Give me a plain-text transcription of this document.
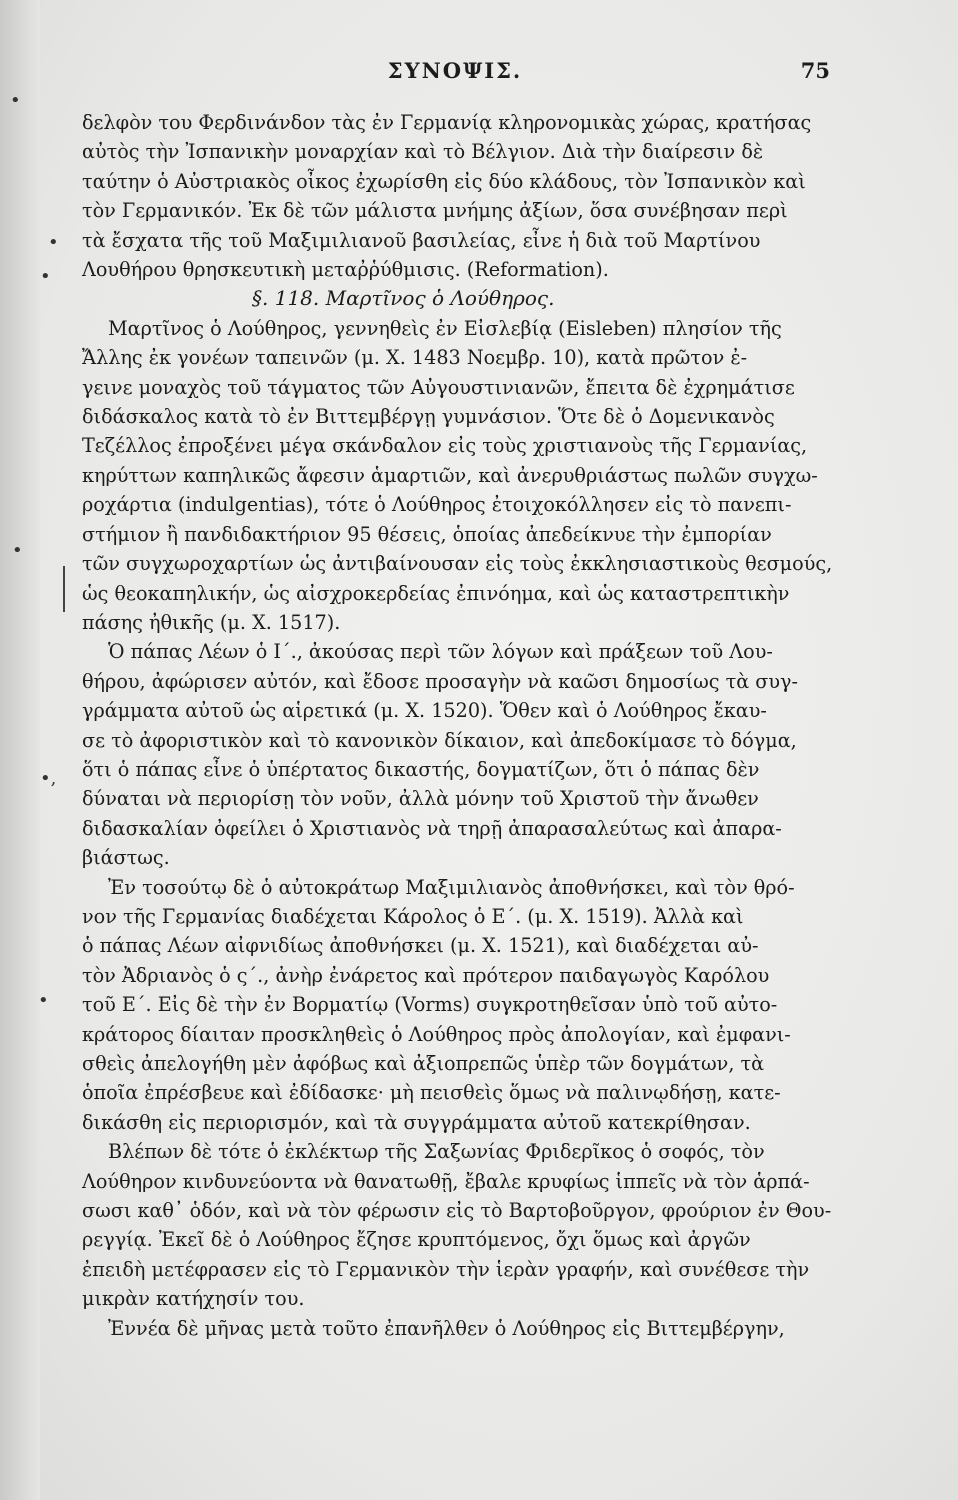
•
•
•
•
•,
•
ΣΥΝΟΨΙΣ.	75
δελφὸν του Φερδινάνδον τὰς ἐν Γερμανίᾳ κληρονομικὰς χώρας, κρατήσας
αὐτὸς τὴν Ἰσπανικὴν μοναρχίαν καὶ τὸ Βέλγιον. Διὰ τὴν διαίρεσιν δὲ
ταύτην ὁ Αὐστριακὸς οἶκος ἐχωρίσθη εἰς δύο κλάδους, τὸν Ἰσπανικὸν καὶ
τὸν Γερμανικόν. Ἐκ δὲ τῶν μάλιστα μνήμης ἀξίων, ὅσα συνέβησαν περὶ
τὰ ἔσχατα τῆς τοῦ Μαξιμιλιανοῦ βασιλείας, εἶνε ἡ διὰ τοῦ Μαρτίνου
Λουθήρου θρησκευτικὴ μεταῤῥύθμισις. (Reformation).
§. 118. Μαρτῖνος ὁ Λούθηρος.
Μαρτῖνος ὁ Λούθηρος, γεννηθεὶς ἐν Εἰσλεβίᾳ (Eisleben) πλησίον τῆς
Ἄλλης ἐκ γονέων ταπεινῶν (μ. Χ. 1483 Νοεμβρ. 10), κατὰ πρῶτον ἐ-
γεινε μοναχὸς τοῦ τάγματος τῶν Αὐγουστινιανῶν, ἔπειτα δὲ ἐχρημάτισε
διδάσκαλος κατὰ τὸ ἐν Βιττεμβέργῃ γυμνάσιον. Ὅτε δὲ ὁ Δομενικανὸς
Τεζέλλος ἐπροξένει μέγα σκάνδαλον εἰς τοὺς χριστιανοὺς τῆς Γερμανίας,
κηρύττων καπηλικῶς ἄφεσιν ἁμαρτιῶν, καὶ ἀνερυθριάστως πωλῶν συγχω-
ροχάρτια (indulgentias), τότε ὁ Λούθηρος ἐτοιχοκόλλησεν εἰς τὸ πανεπι-
στήμιον ἢ πανδιδακτήριον 95 θέσεις, ὁποίας ἀπεδείκνυε τὴν ἐμπορίαν
τῶν συγχωροχαρτίων ὡς ἀντιβαίνουσαν εἰς τοὺς ἐκκλησιαστικοὺς θεσμούς,
ὡς θεοκαπηλικήν, ὡς αἰσχροκερδείας ἐπινόημα, καὶ ὡς καταστρεπτικὴν
πάσης ἠθικῆς (μ. Χ. 1517).
Ὁ πάπας Λέων ὁ Ι΄., ἀκούσας περὶ τῶν λόγων καὶ πράξεων τοῦ Λου-
θήρου, ἀφώρισεν αὐτόν, καὶ ἔδοσε προσαγὴν νὰ καῶσι δημοσίως τὰ συγ-
γράμματα αὐτοῦ ὡς αἱρετικά (μ. Χ. 1520). Ὅθεν καὶ ὁ Λούθηρος ἔκαυ-
σε τὸ ἀφοριστικὸν καὶ τὸ κανονικὸν δίκαιον, καὶ ἀπεδοκίμασε τὸ δόγμα,
ὅτι ὁ πάπας εἶνε ὁ ὑπέρτατος δικαστής, δογματίζων, ὅτι ὁ πάπας δὲν
δύναται νὰ περιορίσῃ τὸν νοῦν, ἀλλὰ μόνην τοῦ Χριστοῦ τὴν ἄνωθεν
διδασκαλίαν ὀφείλει ὁ Χριστιανὸς νὰ τηρῇ ἀπαρασαλεύτως καὶ ἀπαρα-
βιάστως.
Ἐν τοσούτῳ δὲ ὁ αὐτοκράτωρ Μαξιμιλιανὸς ἀποθνήσκει, καὶ τὸν θρό-
νον τῆς Γερμανίας διαδέχεται Κάρολος ὁ Ε΄. (μ. Χ. 1519). Ἀλλὰ καὶ
ὁ πάπας Λέων αἰφνιδίως ἀποθνήσκει (μ. Χ. 1521), καὶ διαδέχεται αὐ-
τὸν Ἀδριανὸς ὁ ς΄., ἀνὴρ ἐνάρετος καὶ πρότερον παιδαγωγὸς Καρόλου
τοῦ Ε΄. Εἰς δὲ τὴν ἐν Βορματίῳ (Vorms) συγκροτηθεῖσαν ὑπὸ τοῦ αὐτο-
κράτορος δίαιταν προσκληθεὶς ὁ Λούθηρος πρὸς ἀπολογίαν, καὶ ἐμφανι-
σθεὶς ἀπελογήθη μὲν ἀφόβως καὶ ἀξιοπρεπῶς ὑπὲρ τῶν δογμάτων, τὰ
ὁποῖα ἐπρέσβευε καὶ ἐδίδασκε· μὴ πεισθεὶς ὅμως νὰ παλινῳδήσῃ, κατε-
δικάσθη εἰς περιορισμόν, καὶ τὰ συγγράμματα αὐτοῦ κατεκρίθησαν.
Βλέπων δὲ τότε ὁ ἐκλέκτωρ τῆς Σαξωνίας Φριδερῖκος ὁ σοφός, τὸν
Λούθηρον κινδυνεύοντα νὰ θανατωθῇ, ἔβαλε κρυφίως ἱππεῖς νὰ τὸν ἁρπά-
σωσι καθ᾽ ὁδόν, καὶ νὰ τὸν φέρωσιν εἰς τὸ Βαρτοβοῦργον, φρούριον ἐν Θου-
ρεγγίᾳ. Ἐκεῖ δὲ ὁ Λούθηρος ἔζησε κρυπτόμενος, ὄχι ὅμως καὶ ἀργῶν
ἐπειδὴ μετέφρασεν εἰς τὸ Γερμανικὸν τὴν ἱερὰν γραφήν, καὶ συνέθεσε τὴν
μικρὰν κατήχησίν του.
Ἐννέα δὲ μῆνας μετὰ τοῦτο ἐπανῆλθεν ὁ Λούθηρος εἰς Βιττεμβέργην,
